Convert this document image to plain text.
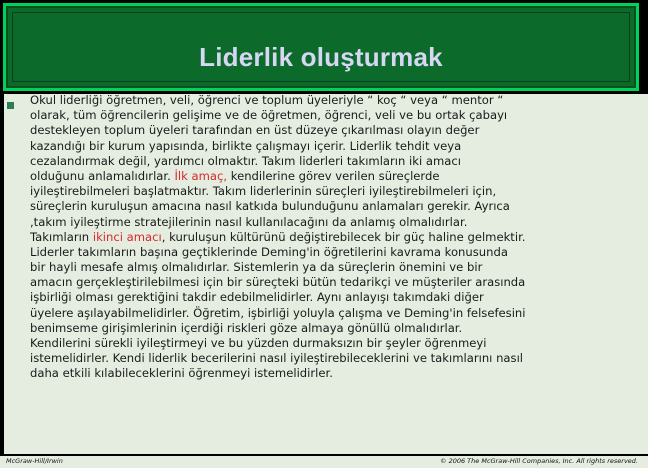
Liderlik oluşturmak
Okul liderliği öğretmen, veli, öğrenci ve toplum üyeleriyle “ koç “ veya “ mentor “
olarak, tüm öğrencilerin gelişime ve de öğretmen, öğrenci, veli ve bu ortak çabayı
destekleyen toplum üyeleri tarafından en üst düzeye çıkarılması olayın değer
kazandığı bir kurum yapısında, birlikte çalışmayı içerir. Liderlik tehdit veya
cezalandırmak değil, yardımcı olmaktır. Takım liderleri takımların iki amacı
olduğunu anlamalıdırlar. İlk amaç, kendilerine görev verilen süreçlerde
iyileştirebilmeleri başlatmaktır. Takım liderlerinin süreçleri iyileştirebilmeleri için,
süreçlerin kuruluşun amacına nasıl katkıda bulunduğunu anlamaları gerekir. Ayrıca
,takım iyileştirme stratejilerinin nasıl kullanılacağını da anlamış olmalıdırlar.
Takımların ikinci amacı, kuruluşun kültürünü değiştirebilecek bir güç haline gelmektir.
Liderler takımların başına geçtiklerinde Deming'in öğretilerini kavrama konusunda
bir hayli mesafe almış olmalıdırlar. Sistemlerin ya da süreçlerin önemini ve bir
amacın gerçekleştirilebilmesi için bir süreçteki bütün tedarikçi ve müşteriler arasında
işbirliği olması gerektiğini takdir edebilmelidirler. Aynı anlayışı takımdaki diğer
üyelere aşılayabilmelidirler. Öğretim, işbirliği yoluyla çalışma ve Deming'in felsefesini
benimseme girişimlerinin içerdiği riskleri göze almaya gönüllü olmalıdırlar.
Kendilerini sürekli iyileştirmeyi ve bu yüzden durmaksızın bir şeyler öğrenmeyi
istemelidirler. Kendi liderlik becerilerini nasıl iyileştirebileceklerini ve takımlarını nasıl
daha etkili kılabileceklerini öğrenmeyi istemelidirler.
McGraw-Hill/Irwin	© 2006 The McGraw-Hill Companies, Inc. All rights reserved.
